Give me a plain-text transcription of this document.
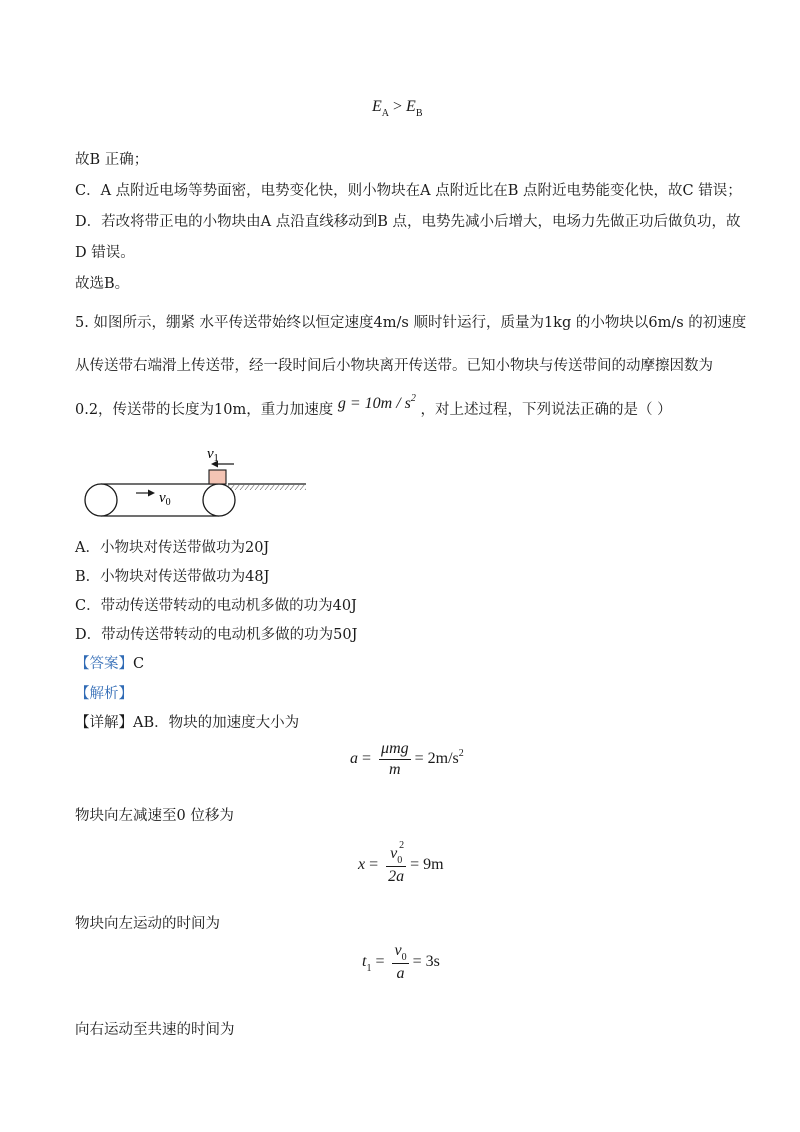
$E_A > E_B$
故B 正确；
C．A 点附近电场等势面密，电势变化快，则小物块在A 点附近比在B 点附近电势能变化快，故C 错误；
D．若改将带正电的小物块由A 点沿直线移动到B 点，电势先减小后增大，电场力先做正功后做负功，故
D 错误。
故选B。
5. 如图所示，绷紧 水平传送带始终以恒定速度4m/s 顺时针运行，质量为1kg 的小物块以6m/s 的初速度
从传送带右端滑上传送带，经一段时间后小物块离开传送带。已知小物块与传送带间的动摩擦因数为
0.2，传送带的长度为10m，重力加速度 $g = 10m / s^2$ ，对上述过程，下列说法正确的是（ ）
$v_1$
$v_0$
A．小物块对传送带做功为20J
B．小物块对传送带做功为48J
C．带动传送带转动的电动机多做的功为40J
D．带动传送带转动的电动机多做的功为50J
【答案】C
【解析】
【详解】AB．物块的加速度大小为
$a = \frac{\text{μmg}}{m} = 2m/s^2$
物块向左减速至0 位移为
$x = v_0$
2
2a = 9m
物块向左运动的时间为
$t_1 = \frac{v_0}{a} = 3s$
向右运动至共速的时间为
